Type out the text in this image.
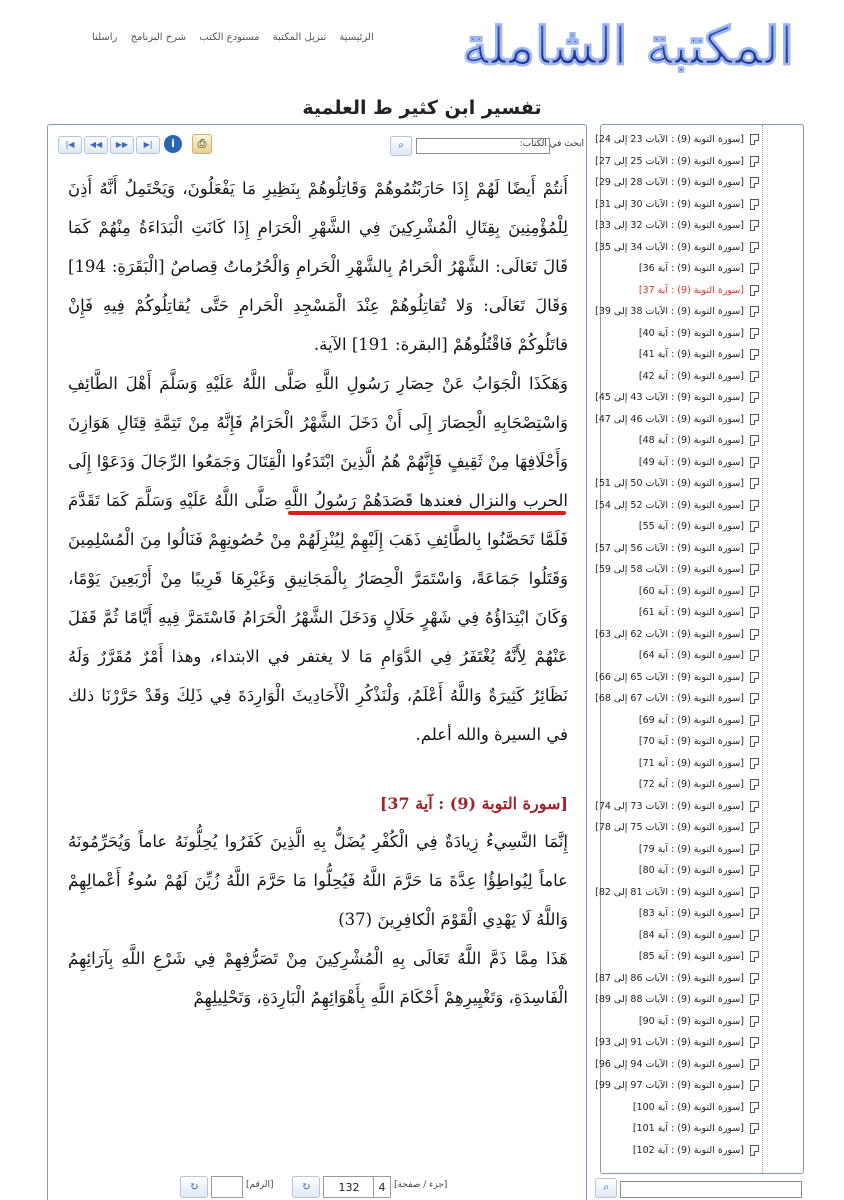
المكتبة الشاملة
الرئيسية تنزيل المكتبة مستودع الكتب شرح البرنامج راسلنا
تفسير ابن كثير ط العلمية
|◀	◀◀	▶▶	▶|	i	⎙	⌕	ابحث في الكتاب:

أَنتُمْ أَيضًا لَهُمْ إِذَا حَارَبْتُمُوهُمْ وَقَاتِلُوهُمْ بِنَظِيرِ مَا يَفْعَلُونَ، وَيَحْتَمِلُ أَنَّهُ أَذِنَ لِلْمُؤْمِنِينَ بِقِتَالِ الْمُشْرِكِينَ فِي الشَّهْرِ الْحَرَامِ إِذَا كَانَتِ الْبَدَاءَةُ مِنْهُمْ كَمَا قَالَ تَعَالَى: الشَّهْرُ الْحَرامُ بِالشَّهْرِ الْحَرامِ وَالْحُرُماتُ قِصاصٌ [الْبَقَرَةِ: 194] وَقَالَ تَعَالَى: وَلا تُقاتِلُوهُمْ عِنْدَ الْمَسْجِدِ الْحَرامِ حَتَّى يُقاتِلُوكُمْ فِيهِ فَإِنْ قاتَلُوكُمْ فَاقْتُلُوهُمْ [البقرة: 191] الآية.

وَهَكَذَا الْجَوَابُ عَنْ حِصَارِ رَسُولِ اللَّهِ صَلَّى اللَّهُ عَلَيْهِ وَسَلَّمَ أَهْلَ الطَّائِفِ وَاسْتِصْحَابِهِ الْحِصَارَ إِلَى أَنْ دَخَلَ الشَّهْرُ الْحَرَامُ فَإِنَّهُ مِنْ تَتِمَّةِ قِتَالِ هَوَازِنَ وَأَحْلَافِهَا مِنْ ثَقِيفٍ فَإِنَّهُمْ هُمُ الَّذِينَ ابْتَدَءُوا الْقِتَالَ وَجَمَعُوا الرِّجَالَ وَدَعَوْا إِلَى الحرب والنزال فعندها قَصَدَهُمْ رَسُولُ اللَّهِ صَلَّى اللَّهُ عَلَيْهِ وَسَلَّمَ كَمَا تَقَدَّمَ فَلَمَّا تَحَصَّنُوا بِالطَّائِفِ ذَهَبَ إِلَيْهِمْ لِيُنْزِلَهُمْ مِنْ حُصُونِهِمْ فَنَالُوا مِنَ الْمُسْلِمِينَ وَقَتَلُوا جَمَاعَةً، وَاسْتَمَرَّ الْحِصَارُ بِالْمَجَانِيقِ وَغَيْرِهَا قَرِيبًا مِنْ أَرْبَعِينَ يَوْمًا، وَكَانَ ابْتِدَاؤُهُ فِي شَهْرٍ حَلَالٍ وَدَخَلَ الشَّهْرُ الْحَرَامُ فَاسْتَمَرَّ فِيهِ أَيَّامًا ثُمَّ قَفَلَ عَنْهُمْ لِأَنَّهُ يُغْتَفَرُ فِي الدَّوَامِ مَا لا يغتفر في الابتداء، وهذا أَمْرٌ مُقَرَّرٌ وَلَهُ نَظَائِرُ كَثِيرَةٌ وَاللَّهُ أَعْلَمُ، وَلْنَذْكُرِ الْأَحَادِيثَ الْوَارِدَةَ فِي ذَلِكَ وَقَدْ حَرَّرْنَا ذلك في السيرة والله أعلم.

[سورة التوبة (9) : آية 37]

إِنَّمَا النَّسِيءُ زِيادَةٌ فِي الْكُفْرِ يُضَلُّ بِهِ الَّذِينَ كَفَرُوا يُحِلُّونَهُ عاماً وَيُحَرِّمُونَهُ عاماً لِيُواطِؤُا عِدَّةَ مَا حَرَّمَ اللَّهُ فَيُحِلُّوا مَا حَرَّمَ اللَّهُ زُيِّنَ لَهُمْ سُوءُ أَعْمالِهِمْ وَاللَّهُ لَا يَهْدِي الْقَوْمَ الْكافِرِينَ (37)

هَذَا مِمَّا ذَمَّ اللَّهُ تَعَالَى بِهِ الْمُشْرِكِينَ مِنْ تَصَرُّفِهِمْ فِي شَرْعِ اللَّهِ بِآرَائِهِمُ الْفَاسِدَةِ، وَتَغْيِيرِهِمْ أَحْكَامَ اللَّهِ بِأَهْوَائِهِمُ الْبَارِدَةِ، وَتَحْلِيلِهِمْ

↻	[الرقم]	↻
132
4	[جزء / صفحة]
[سورة التوبة (9) : الآيات 23 إلى 24]
[سورة التوبة (9) : الآيات 25 إلى 27]
[سورة التوبة (9) : الآيات 28 إلى 29]
[سورة التوبة (9) : الآيات 30 إلى 31]
[سورة التوبة (9) : الآيات 32 إلى 33]
[سورة التوبة (9) : الآيات 34 إلى 35]
[سورة التوبة (9) : آية 36]
[سورة التوبة (9) : آية 37]
[سورة التوبة (9) : الآيات 38 إلى 39]
[سورة التوبة (9) : آية 40]
[سورة التوبة (9) : آية 41]
[سورة التوبة (9) : آية 42]
[سورة التوبة (9) : الآيات 43 إلى 45]
[سورة التوبة (9) : الآيات 46 إلى 47]
[سورة التوبة (9) : آية 48]
[سورة التوبة (9) : آية 49]
[سورة التوبة (9) : الآيات 50 إلى 51]
[سورة التوبة (9) : الآيات 52 إلى 54]
[سورة التوبة (9) : آية 55]
[سورة التوبة (9) : الآيات 56 إلى 57]
[سورة التوبة (9) : الآيات 58 إلى 59]
[سورة التوبة (9) : آية 60]
[سورة التوبة (9) : آية 61]
[سورة التوبة (9) : الآيات 62 إلى 63]
[سورة التوبة (9) : آية 64]
[سورة التوبة (9) : الآيات 65 إلى 66]
[سورة التوبة (9) : الآيات 67 إلى 68]
[سورة التوبة (9) : آية 69]
[سورة التوبة (9) : آية 70]
[سورة التوبة (9) : آية 71]
[سورة التوبة (9) : آية 72]
[سورة التوبة (9) : الآيات 73 إلى 74]
[سورة التوبة (9) : الآيات 75 إلى 78]
[سورة التوبة (9) : آية 79]
[سورة التوبة (9) : آية 80]
[سورة التوبة (9) : الآيات 81 إلى 82]
[سورة التوبة (9) : آية 83]
[سورة التوبة (9) : آية 84]
[سورة التوبة (9) : آية 85]
[سورة التوبة (9) : الآيات 86 إلى 87]
[سورة التوبة (9) : الآيات 88 إلى 89]
[سورة التوبة (9) : آية 90]
[سورة التوبة (9) : الآيات 91 إلى 93]
[سورة التوبة (9) : الآيات 94 إلى 96]
[سورة التوبة (9) : الآيات 97 إلى 99]
[سورة التوبة (9) : آية 100]
[سورة التوبة (9) : آية 101]
[سورة التوبة (9) : آية 102]
⌕
